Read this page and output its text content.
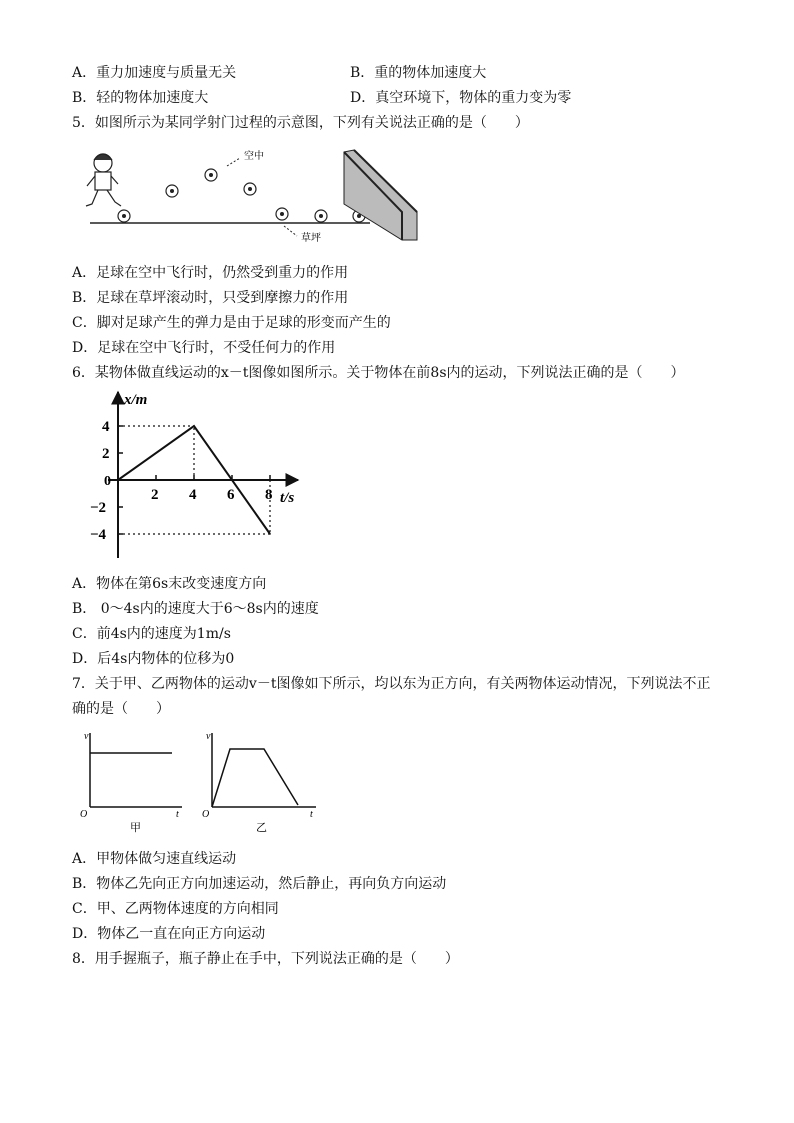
A．重力加速度与质量无关	B．重的物体加速度大
B．轻的物体加速度大	D．真空环境下，物体的重力变为零
5．如图所示为某同学射门过程的示意图，下列有关说法正确的是（　　）
空中
草坪
A．足球在空中飞行时，仍然受到重力的作用
B．足球在草坪滚动时，只受到摩擦力的作用
C．脚对足球产生的弹力是由于足球的形变而产生的
D．足球在空中飞行时，不受任何力的作用
6．某物体做直线运动的x－t图像如图所示。关于物体在前8s内的运动，下列说法正确的是（　　）
x/m
t/s
0
2 4 6 8
4
2
−2
−4
A．物体在第6s末改变速度方向
B． 0～4s内的速度大于6～8s内的速度
C．前4s内的速度为1m/s
D．后4s内物体的位移为0
7．关于甲、乙两物体的运动v－t图像如下所示，均以东为正方向，有关两物体运动情况，下列说法不正
确的是（　　）
v
t
O
甲
v
t
O
乙
A．甲物体做匀速直线运动
B．物体乙先向正方向加速运动，然后静止，再向负方向运动
C．甲、乙两物体速度的方向相同
D．物体乙一直在向正方向运动
8．用手握瓶子，瓶子静止在手中，下列说法正确的是（　　）
